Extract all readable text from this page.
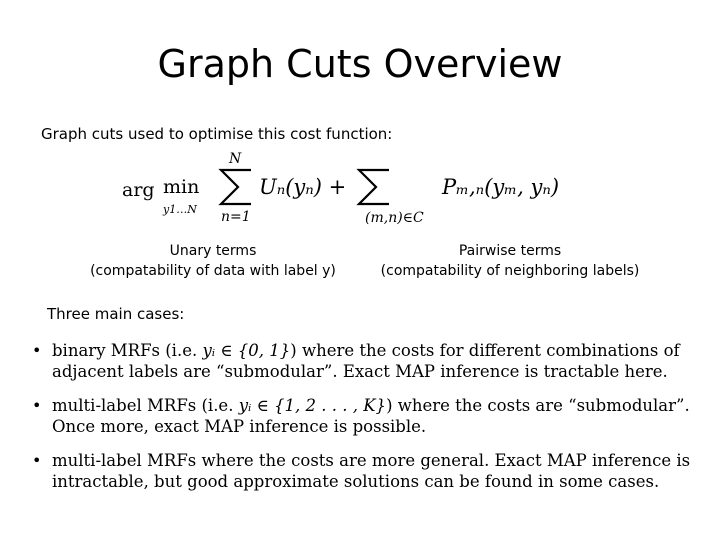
Graph Cuts Overview
Graph cuts used to optimise this cost function:
arg min
y1…N
N
n=1
Uₙ(yₙ) +
(m,n)∈C
Pₘ,ₙ(yₘ, yₙ)
Unary terms
(compatability of data with label y)
Pairwise terms
(compatability of neighboring labels)
Three main cases:
• binary MRFs (i.e. yᵢ ∈ {0, 1}) where the costs for different combinations of adjacent labels are “submodular”. Exact MAP inference is tractable here.
• multi-label MRFs (i.e. yᵢ ∈ {1, 2 . . . , K}) where the costs are “submodular”. Once more, exact MAP inference is possible.
• multi-label MRFs where the costs are more general. Exact MAP inference is intractable, but good approximate solutions can be found in some cases.
